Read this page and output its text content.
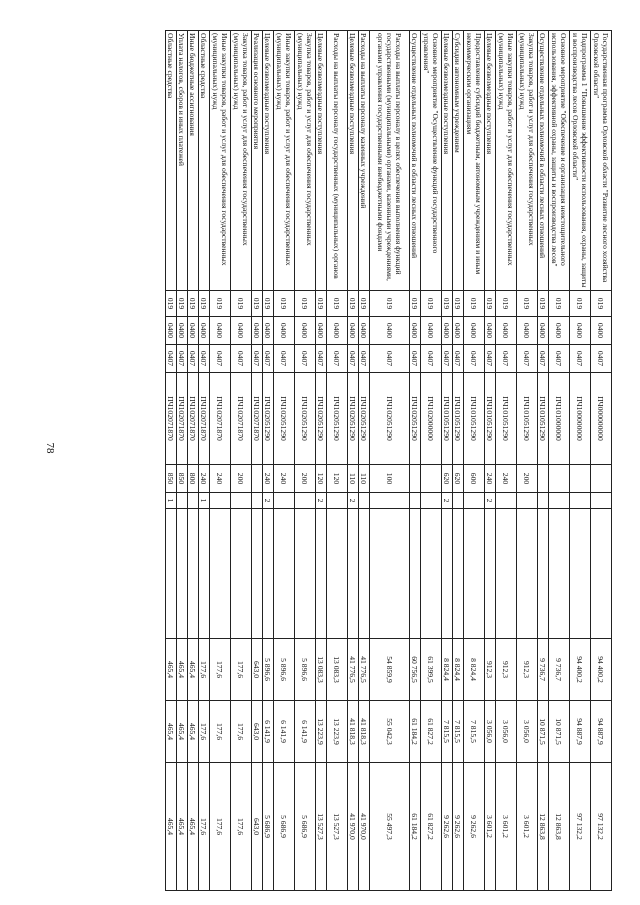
78
Государственная программа Орловской области "Развитие лесного хозяйства Орловской области"	019	0400	0407	ПЧ000000000				94 400,2	94 887,9	97 132,2
Подпрограмма 1 "Повышение эффективности использования, охраны, защиты и воспроизводства лесов Орловской области"	019	0400	0407	ПЧ100000000				94 400,2	94 887,9	97 132,2
Основное мероприятие "Обеспечение и организация неистощительного использования, эффективной охраны, защиты и воспроизводства лесов"	019	0400	0407	ПЧ101000000				9 736,7	10 871,5	12 863,8
Осуществление отдельных полномочий в области лесных отношений	019	0400	0407	ПЧ101051290				9 736,7	10 871,5	12 863,8
Закупка товаров, работ и услуг для обеспечения государственных (муниципальных) нужд	019	0400	0407	ПЧ101051290	200			912,3	3 056,0	3 601,2
Иные закупки товаров, работ и услуг для обеспечения государственных (муниципальных) нужд	019	0400	0407	ПЧ101051290	240			912,3	3 056,0	3 601,2
Целевые безвозмездные поступления	019	0400	0407	ПЧ101051290	240	2		912,3	3 056,0	3 601,2
Предоставление субсидий бюджетным, автономным учреждениям и иным некоммерческим организациям	019	0400	0407	ПЧ101051290	600			8 824,4	7 815,5	9 262,6
Субсидии автономным учреждениям	019	0400	0407	ПЧ101051290	620			8 824,4	7 815,5	9 262,6
Целевые безвозмездные поступления	019	0400	0407	ПЧ101051290	620	2		8 824,4	7 815,5	9 262,6
Основное мероприятие "Осуществление функций государственного управления"	019	0400	0407	ПЧ102000000				61 399,5	61 827,2	61 827,2
Осуществление отдельных полномочий в области лесных отношений	019	0400	0407	ПЧ102051290				60 756,5	61 184,2	61 184,2
Расходы на выплаты персоналу в целях обеспечения выполнения функций государственными (муниципальными) органами, казенными учреждениями, органами управления государственными внебюджетными фондами	019	0400	0407	ПЧ102051290	100			54 859,9	55 042,3	55 497,3
Расходы на выплаты персоналу казенных учреждений	019	0400	0407	ПЧ102051290	110			41 776,5	41 818,3	41 970,0
Целевые безвозмездные поступления	019	0400	0407	ПЧ102051290	110	2		41 776,5	41 818,3	41 970,0
Расходы на выплаты персоналу государственных (муниципальных) органов	019	0400	0407	ПЧ102051290	120			13 083,3	13 223,9	13 527,3
Целевые безвозмездные поступления	019	0400	0407	ПЧ102051290	120	2		13 083,3	13 223,9	13 527,3
Закупка товаров, работ и услуг для обеспечения государственных (муниципальных) нужд	019	0400	0407	ПЧ102051290	200			5 896,6	6 141,9	5 686,9
Иные закупки товаров, работ и услуг для обеспечения государственных (муниципальных) нужд	019	0400	0407	ПЧ102051290	240			5 896,6	6 141,9	5 686,9
Целевые безвозмездные поступления	019	0400	0407	ПЧ102051290	240	2		5 896,6	6 141,9	5 686,9
Реализация основного мероприятия	019	0400	0407	ПЧ102071870				643,0	643,0	643,0
Закупка товаров, работ и услуг для обеспечения государственных (муниципальных) нужд	019	0400	0407	ПЧ102071870	200			177,6	177,6	177,6
Иные закупки товаров, работ и услуг для обеспечения государственных (муниципальных) нужд	019	0400	0407	ПЧ102071870	240			177,6	177,6	177,6
Областные средства	019	0400	0407	ПЧ102071870	240	1		177,6	177,6	177,6
Иные бюджетные ассигнования	019	0400	0407	ПЧ102071870	800			465,4	465,4	465,4
Уплата налогов, сборов и иных платежей	019	0400	0407	ПЧ102071870	850			465,4	465,4	465,4
Областные средства	019	0400	0407	ПЧ102071870	850	1		465,4	465,4	465,4
